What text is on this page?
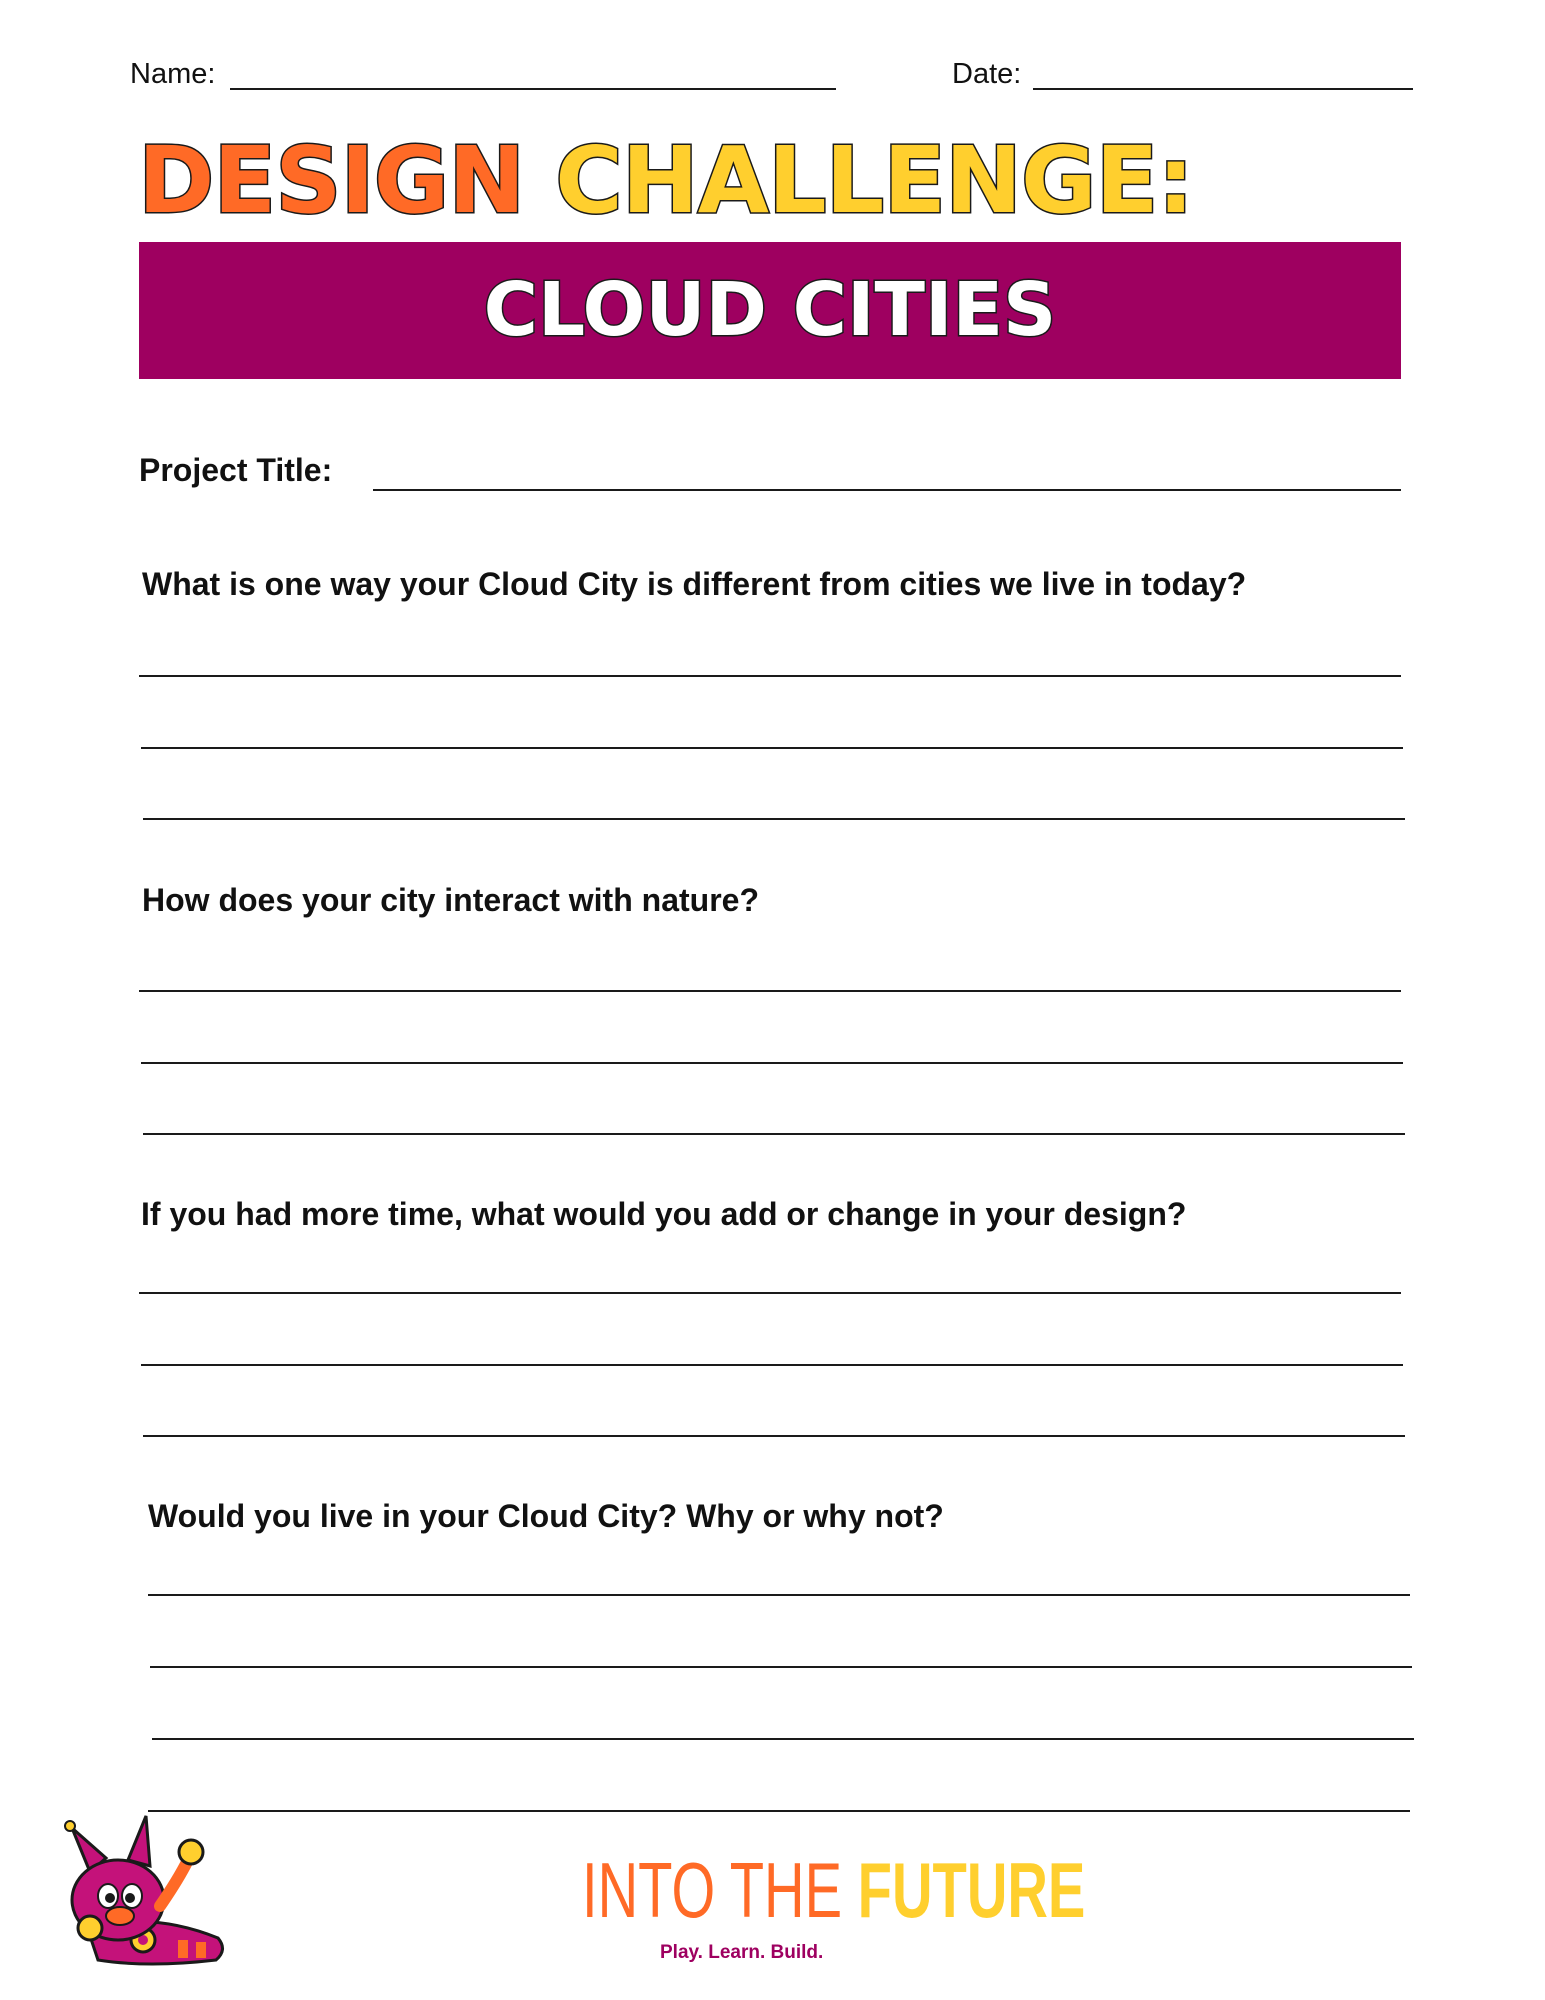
Name:	Date:
DESIGN CHALLENGE:
CLOUD CITIES
Project Title:
What is one way your Cloud City is different from cities we live in today?
How does your city interact with nature?
If you had more time, what would you add or change in your design?
Would you live in your Cloud City? Why or why not?
INTO THE FUTURE
Play. Learn. Build.
